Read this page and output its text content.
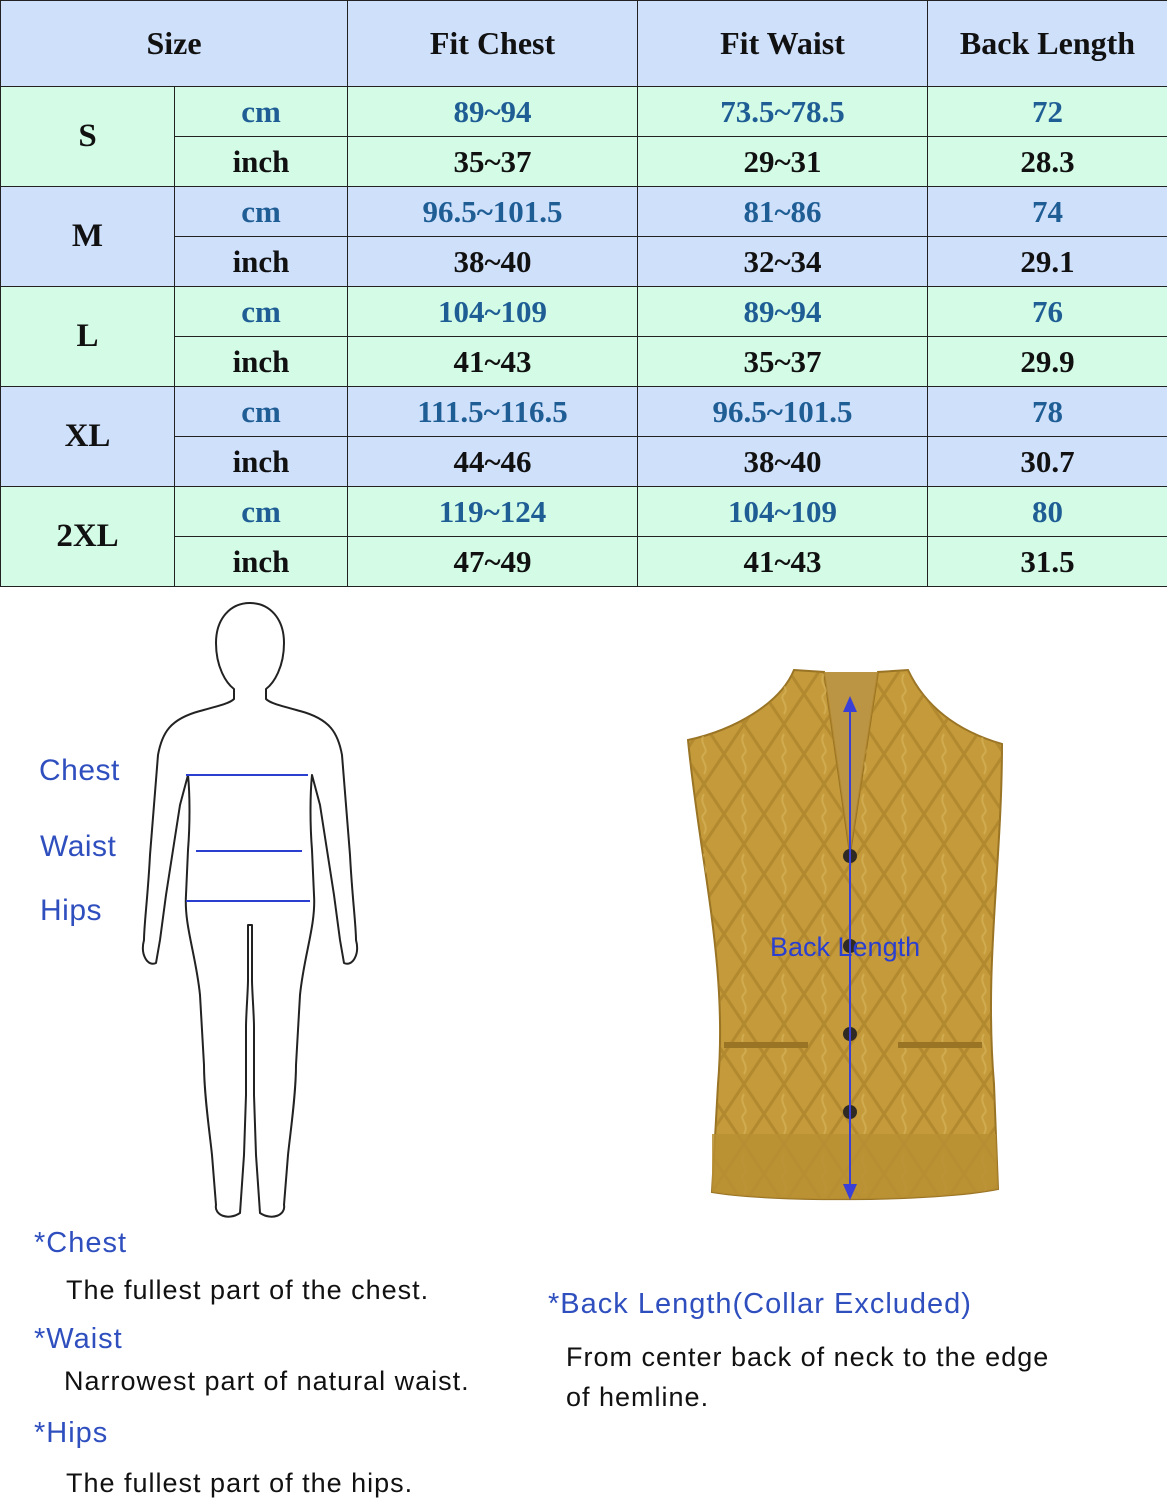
Size		Fit Chest	Fit Waist	Back Length
S	cm	89~94	73.5~78.5	72
	inch	35~37	29~31	28.3
M	cm	96.5~101.5	81~86	74
	inch	38~40	32~34	29.1
L	cm	104~109	89~94	76
	inch	41~43	35~37	29.9
XL	cm	111.5~116.5	96.5~101.5	78
	inch	44~46	38~40	30.7
2XL	cm	119~124	104~109	80
	inch	47~49	41~43	31.5
Chest
Waist
Hips
Back Length
*Chest
The fullest part of the chest.
*Waist
Narrowest part of natural waist.
*Hips
The fullest part of the hips.
*Back Length(Collar Excluded)
From center back of neck to the edge
of hemline.
